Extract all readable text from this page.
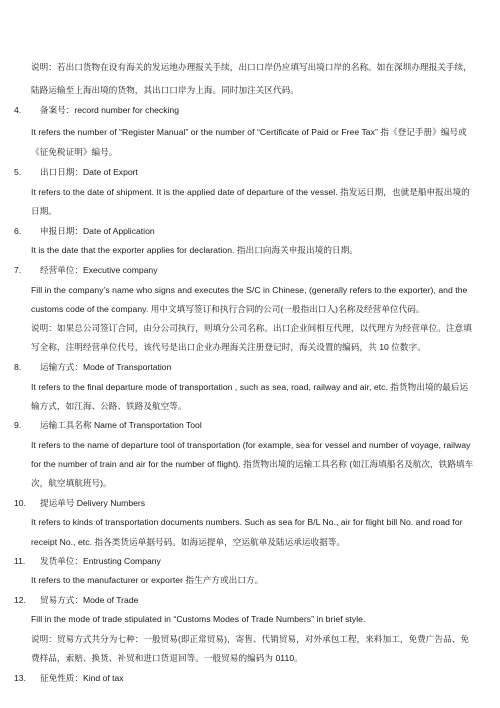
说明：若出口货物在设有海关的发运地办理报关手续，出口口岸仍应填写出境口岸的名称。如在深圳办理报关手续，
陆路运输至上海出境的货物，其出口口岸为上海。同时加注关区代码。
4. 备案号：record number for checking
It refers the number of “Register Manual” or the number of “Certificate of Paid or Free Tax” 指《登记手册》编号或
《征免税证明》编号。
5. 出口日期：Date of Export
It refers to the date of shipment. It is the applied date of departure of the vessel. 指发运日期，也就是船申报出境的
日期。
6. 申报日期：Date of Application
It is the date that the exporter applies for declaration. 指出口向海关申报出境的日期。
7. 经营单位：Executive company
Fill in the company’s name who signs and executes the S/C in Chinese, (generally refers to the exporter), and the
customs code of the company. 用中文填写签订和执行合同的公司(一般指出口人)名称及经营单位代码。
说明：如果总公司签订合同，由分公司执行，则填分公司名称。出口企业间相互代理，以代理方为经营单位。注意填
写全称，注明经营单位代号，该代号是出口企业办理海关注册登记时，海关设置的编码，共 10 位数字。
8. 运输方式：Mode of Transportation
It refers to the final departure mode of transportation , such as sea, road, railway and air, etc. 指货物出境的最后运
输方式，如江海、公路、铁路及航空等。
9. 运输工具名称 Name of Transportation Tool
It refers to the name of departure tool of transportation (for example, sea for vessel and number of voyage, railway
for the number of train and air for the number of flight). 指货物出境的运输工具名称 (如江海填船名及航次，铁路填车
次，航空填航班号)。
10. 提运单号 Delivery Numbers
It refers to kinds of transportation documents numbers. Such as sea for B/L No., air for flight bill No. and road for
receipt No., etc. 指各类货运单据号码。如海运提单，空运航单及陆运承运收据等。
11. 发货单位：Entrusting Company
It refers to the manufacturer or exporter 指生产方或出口方。
12. 贸易方式：Mode of Trade
Fill in the mode of trade stipulated in “Customs Modes of Trade Numbers” in brief style.
说明：贸易方式共分为七种：一般贸易(即正常贸易)，寄售、代销贸易，对外承包工程，来料加工，免费广告品、免
费样品，索赔、换货、补贸和进口货退回等。一般贸易的编码为 0110。
13. 征免性质：Kind of tax
